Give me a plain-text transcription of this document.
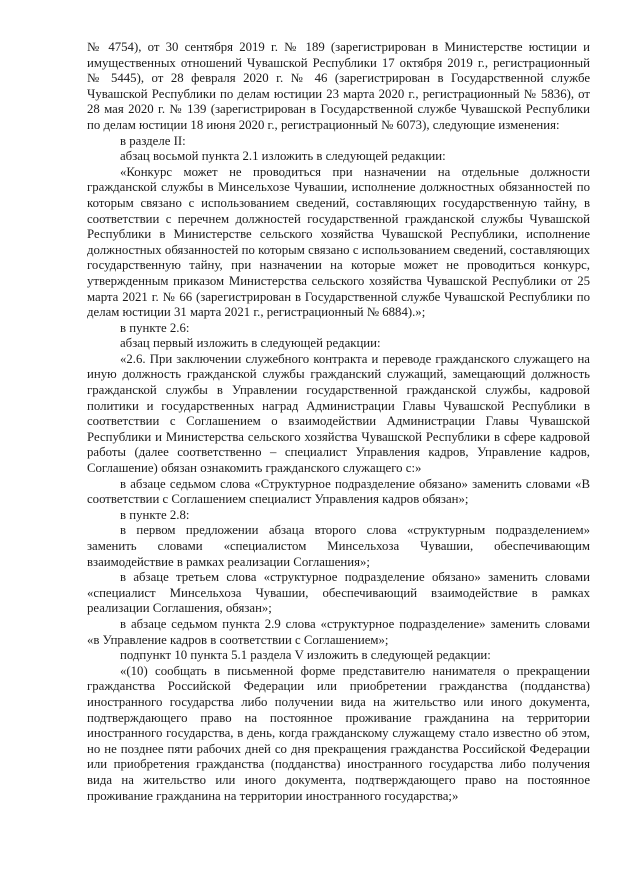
№ 4754), от 30 сентября 2019 г. № 189 (зарегистрирован в Министерстве юстиции и имущественных отношений Чувашской Республики 17 октября 2019 г., регистрационный № 5445), от 28 февраля 2020 г. № 46 (зарегистрирован в Государственной службе Чувашской Республики по делам юстиции 23 марта 2020 г., регистрационный № 5836), от 28 мая 2020 г. № 139 (зарегистрирован в Государственной службе Чувашской Республики по делам юстиции 18 июня 2020 г., регистрационный № 6073), следующие изменения:

в разделе II:

абзац восьмой пункта 2.1 изложить в следующей редакции:

«Конкурс может не проводиться при назначении на отдельные должности гражданской службы в Минсельхозе Чувашии, исполнение должностных обязанностей по которым связано с использованием сведений, составляющих государственную тайну, в соответствии с перечнем должностей государственной гражданской службы Чувашской Республики в Министерстве сельского хозяйства Чувашской Республики, исполнение должностных обязанностей по которым связано с использованием сведений, составляющих государственную тайну, при назначении на которые может не проводиться конкурс, утвержденным приказом Министерства сельского хозяйства Чувашской Республики от 25 марта 2021 г. № 66 (зарегистрирован в Государственной службе Чувашской Республики по делам юстиции 31 марта 2021 г., регистрационный № 6884).»;

в пункте 2.6:

абзац первый изложить в следующей редакции:

«2.6. При заключении служебного контракта и переводе гражданского служащего на иную должность гражданской службы гражданский служащий, замещающий должность гражданской службы в Управлении государственной гражданской службы, кадровой политики и государственных наград Администрации Главы Чувашской Республики в соответствии с Соглашением о взаимодействии Администрации Главы Чувашской Республики и Министерства сельского хозяйства Чувашской Республики в сфере кадровой работы (далее соответственно – специалист Управления кадров, Управление кадров, Соглашение) обязан ознакомить гражданского служащего с:»

в абзаце седьмом слова «Структурное подразделение обязано» заменить словами «В соответствии с Соглашением специалист Управления кадров обязан»;

в пункте 2.8:

в первом предложении абзаца второго слова «структурным подразделением» заменить словами «специалистом Минсельхоза Чувашии, обеспечивающим взаимодействие в рамках реализации Соглашения»;

в абзаце третьем слова «структурное подразделение обязано» заменить словами «специалист Минсельхоза Чувашии, обеспечивающий взаимодействие в рамках реализации Соглашения, обязан»;

в абзаце седьмом пункта 2.9 слова «структурное подразделение» заменить словами «в Управление кадров в соответствии с Соглашением»;

подпункт 10 пункта 5.1 раздела V изложить в следующей редакции:

«(10) сообщать в письменной форме представителю нанимателя о прекращении гражданства Российской Федерации или приобретении гражданства (подданства) иностранного государства либо получении вида на жительство или иного документа, подтверждающего право на постоянное проживание гражданина на территории иностранного государства, в день, когда гражданскому служащему стало известно об этом, но не позднее пяти рабочих дней со дня прекращения гражданства Российской Федерации или приобретения гражданства (подданства) иностранного государства либо получения вида на жительство или иного документа, подтверждающего право на постоянное проживание гражданина на территории иностранного государства;»
